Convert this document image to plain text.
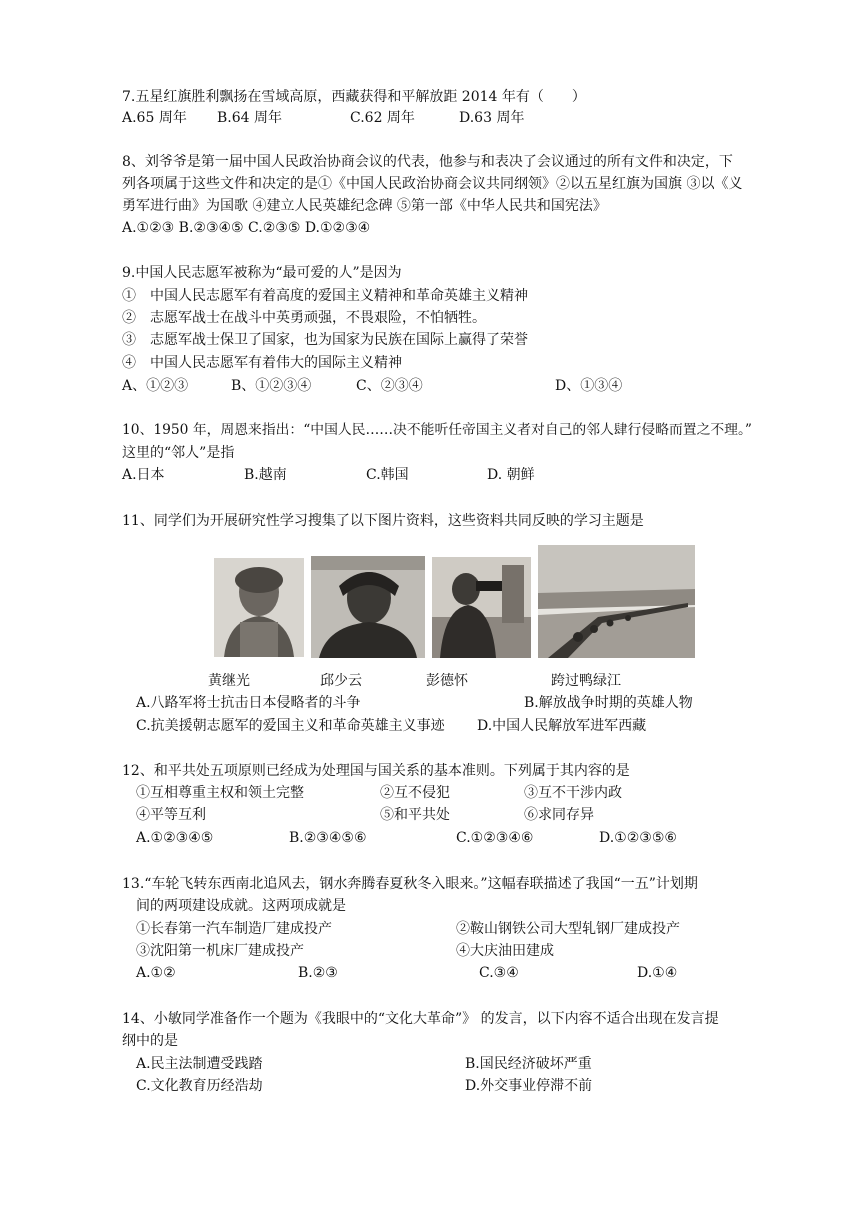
7.五星红旗胜利飘扬在雪域高原，西藏获得和平解放距 2014 年有（　　）
A.65 周年 B.64 周年	C.62 周年	D.63 周年
8、刘爷爷是第一届中国人民政治协商会议的代表，他参与和表决了会议通过的所有文件和决定，下
列各项属于这些文件和决定的是①《中国人民政治协商会议共同纲领》②以五星红旗为国旗 ③以《义
勇军进行曲》为国歌 ④建立人民英雄纪念碑 ⑤第一部《中华人民共和国宪法》
A.①②③ B.②③④⑤ C.②③⑤ D.①②③④
9.中国人民志愿军被称为“最可爱的人”是因为
①　中国人民志愿军有着高度的爱国主义精神和革命英雄主义精神
②　志愿军战士在战斗中英勇顽强，不畏艰险，不怕牺牲。
③　志愿军战士保卫了国家，也为国家为民族在国际上赢得了荣誉
④　中国人民志愿军有着伟大的国际主义精神
A、①②③	B、①②③④	C、②③④	D、①③④
10、1950 年，周恩来指出：“中国人民……决不能听任帝国主义者对自己的邻人肆行侵略而置之不理。”
这里的“邻人”是指
A.日本	B.越南	C.韩国	D. 朝鲜
11、同学们为开展研究性学习搜集了以下图片资料，这些资料共同反映的学习主题是
黄继光	邱少云	彭德怀	跨过鸭绿江
A.八路军将士抗击日本侵略者的斗争	B.解放战争时期的英雄人物
C.抗美援朝志愿军的爱国主义和革命英雄主义事迹 D.中国人民解放军进军西藏
12、和平共处五项原则已经成为处理国与国关系的基本准则。下列属于其内容的是
①互相尊重主权和领土完整	②互不侵犯	③互不干涉内政
④平等互利	⑤和平共处	⑥求同存异
A.①②③④⑤	B.②③④⑤⑥	C.①②③④⑥	D.①②③⑤⑥
13.“车轮飞转东西南北追风去，钢水奔腾春夏秋冬入眼来。”这幅春联描述了我国“一五”计划期
间的两项建设成就。这两项成就是
①长春第一汽车制造厂建成投产	②鞍山钢铁公司大型轧钢厂建成投产
③沈阳第一机床厂建成投产	④大庆油田建成
A.①②	B.②③	C.③④	D.①④
14、小敏同学准备作一个题为《我眼中的“文化大革命”》 的发言，以下内容不适合出现在发言提
纲中的是
A.民主法制遭受践踏	B.国民经济破坏严重
C.文化教育历经浩劫	D.外交事业停滞不前
